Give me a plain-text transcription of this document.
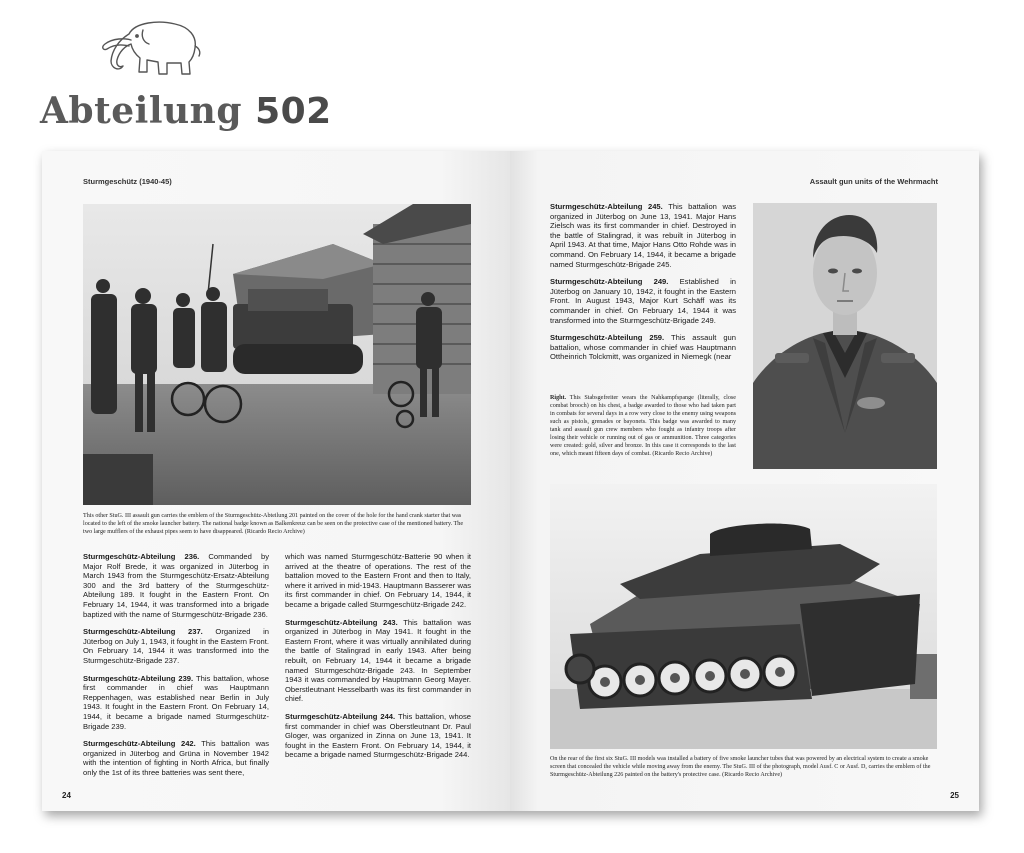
Abteilung 502
Sturmgeschütz (1940-45)
This other StuG. III assault gun carries the emblem of the Sturmgeschütz-Abteilung 201 painted on the cover of the hole for the hand crank starter that was located to the left of the smoke launcher battery. The national badge known as Balkenkreuz can be seen on the protective case of the mentioned battery. The two large mufflers of the exhaust pipes seem to have disappeared. (Ricardo Recio Archive)

Sturmgeschütz-Abteilung 236. Commanded by Major Rolf Brede, it was organized in Jüterbog in March 1943 from the Sturmgeschütz-Ersatz-Abteilung 300 and the 3rd battery of the Sturmgeschütz-Abteilung 189. It fought in the Eastern Front. On February 14, 1944, it was transformed into a brigade baptized with the name of Sturmgeschütz-Brigade 236.

Sturmgeschütz-Abteilung 237. Organized in Jüterbog on July 1, 1943, it fought in the Eastern Front. On February 14, 1944 it was transformed into the Sturmgeschütz-Brigade 237.

Sturmgeschütz-Abteilung 239. This battalion, whose first commander in chief was Hauptmann Reppenhagen, was established near Berlin in July 1943. It fought in the Eastern Front. On February 14, 1944, it became a brigade named Sturmgeschütz-Brigade 239.

Sturmgeschütz-Abteilung 242. This battalion was organized in Jüterbog and Grüna in November 1942 with the intention of fighting in North Africa, but finally only the 1st of its three batteries was sent there,

which was named Sturmgeschütz-Batterie 90 when it arrived at the theatre of operations. The rest of the battalion moved to the Eastern Front and then to Italy, where it arrived in mid-1943. Hauptmann Basserer was its first commander in chief. On February 14, 1944, it became a brigade called Sturmgeschütz-Brigade 242.

Sturmgeschütz-Abteilung 243. This battalion was organized in Jüterbog in May 1941. It fought in the Eastern Front, where it was virtually annihilated during the battle of Stalingrad in early 1943. After being rebuilt, on February 14, 1944 it became a brigade named Sturmgeschütz-Brigade 243. In September 1943 it was commanded by Hauptmann Georg Mayer. Oberstleutnant Hesselbarth was its first commander in chief.

Sturmgeschütz-Abteilung 244. This battalion, whose first commander in chief was Oberstleutnant Dr. Paul Gloger, was organized in Zinna on June 13, 1941. It fought in the Eastern Front. On February 14, 1944, it became a brigade named Sturmgeschütz-Brigade 244.

24
Assault gun units of the Wehrmacht

Sturmgeschütz-Abteilung 245. This battalion was organized in Jüterbog on June 13, 1941. Major Hans Zielsch was its first commander in chief. Destroyed in the battle of Stalingrad, it was rebuilt in Jüterbog in April 1943. At that time, Major Hans Otto Rohde was in command. On February 14, 1944, it became a brigade named Sturmgeschütz-Brigade 245.

Sturmgeschütz-Abteilung 249. Established in Jüterbog on January 10, 1942, it fought in the Eastern Front. In August 1943, Major Kurt Schäff was its commander in chief. On February 14, 1944 it was transformed into the Sturmgeschütz-Brigade 249.

Sturmgeschütz-Abteilung 259. This assault gun battalion, whose commander in chief was Hauptmann Ottheinrich Tolckmitt, was organized in Niemegk (near

Right. This Stabsgefreiter wears the Nahkampfspange (literally, close combat brooch) on his chest, a badge awarded to those who had taken part in combats for several days in a row very close to the enemy using weapons such as pistols, grenades or bayonets. This badge was awarded to many tank and assault gun crew members who fought as infantry troops after losing their vehicle or running out of gas or ammunition. Three categories were created: gold, silver and bronze. In this case it corresponds to the last one, which meant fifteen days of combat. (Ricardo Recio Archive)
On the rear of the first six StuG. III models was installed a battery of five smoke launcher tubes that was powered by an electrical system to create a smoke screen that concealed the vehicle while moving away from the enemy. The StuG. III of the photograph, model Ausf. C or Ausf. D, carries the emblem of the Sturmgeschütz-Abteilung 226 painted on the battery's protective case. (Ricardo Recio Archive)
25
